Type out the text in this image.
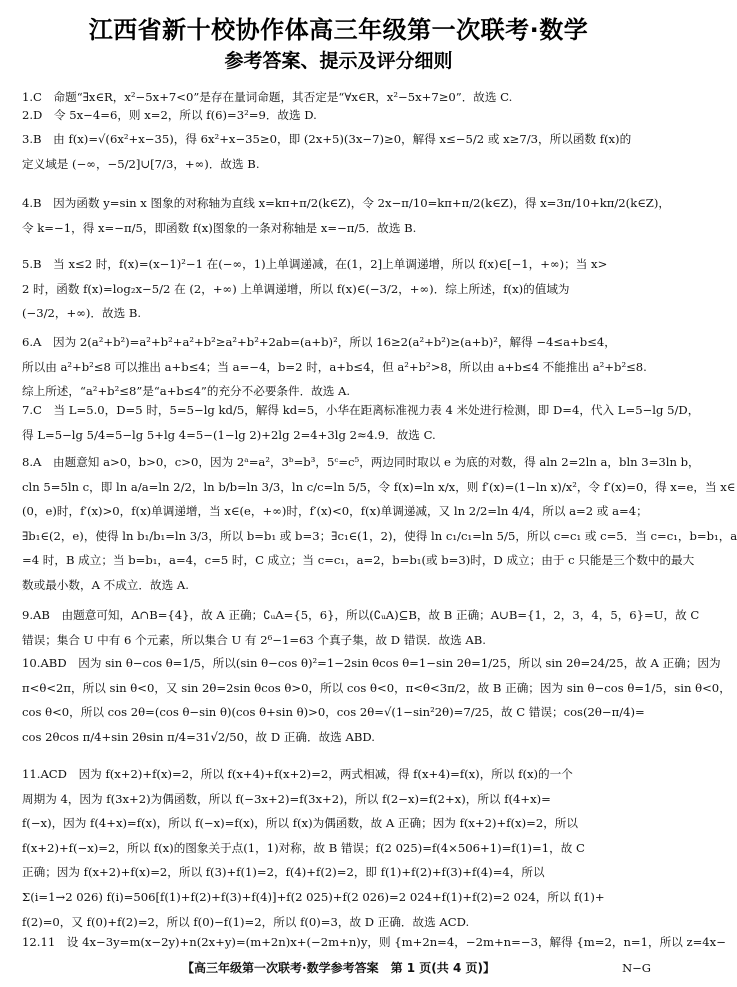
江西省新十校协作体高三年级第一次联考·数学
参考答案、提示及评分细则
1.C　命题“∃x∈R，x²−5x+7<0”是存在量词命题，其否定是“∀x∈R，x²−5x+7≥0”．故选 C.
2.D　令 5x−4=6，则 x=2，所以 f(6)=3²=9．故选 D.
3.B　由 f(x)=√(6x²+x−35)，得 6x²+x−35≥0，即 (2x+5)(3x−7)≥0，解得 x≤−5/2 或 x≥7/3，所以函数 f(x)的
定义域是 (−∞，−5/2]∪[7/3，+∞)．故选 B.
4.B　因为函数 y=sin x 图象的对称轴为直线 x=kπ+π/2(k∈Z)，令 2x−π/10=kπ+π/2(k∈Z)，得 x=3π/10+kπ/2(k∈Z)，
令 k=−1，得 x=−π/5，即函数 f(x)图象的一条对称轴是 x=−π/5．故选 B.
5.B　当 x≤2 时，f(x)=(x−1)²−1 在(−∞，1)上单调递减，在(1，2]上单调递增，所以 f(x)∈[−1，+∞)；当 x>
2 时，函数 f(x)=log₂x−5/2 在 (2，+∞) 上单调递增，所以 f(x)∈(−3/2，+∞)．综上所述，f(x)的值域为
(−3/2，+∞)．故选 B.
6.A　因为 2(a²+b²)=a²+b²+a²+b²≥a²+b²+2ab=(a+b)²，所以 16≥2(a²+b²)≥(a+b)²，解得 −4≤a+b≤4，
所以由 a²+b²≤8 可以推出 a+b≤4；当 a=−4，b=2 时，a+b≤4，但 a²+b²>8，所以由 a+b≤4 不能推出 a²+b²≤8.
综上所述，“a²+b²≤8”是“a+b≤4”的充分不必要条件．故选 A.
7.C　当 L=5.0，D=5 时，5=5−lg kd/5，解得 kd=5，小华在距离标准视力表 4 米处进行检测，即 D=4，代入 L=5−lg 5/D，
得 L=5−lg 5/4=5−lg 5+lg 4=5−(1−lg 2)+2lg 2=4+3lg 2≈4.9．故选 C.
8.A　由题意知 a>0，b>0，c>0，因为 2ᵃ=a²，3ᵇ=b³，5ᶜ=c⁵，两边同时取以 e 为底的对数，得 aln 2=2ln a，bln 3=3ln b，
cln 5=5ln c，即 ln a/a=ln 2/2，ln b/b=ln 3/3，ln c/c=ln 5/5，令 f(x)=ln x/x，则 f′(x)=(1−ln x)/x²，令 f′(x)=0，得 x=e，当 x∈
(0，e)时，f′(x)>0，f(x)单调递增，当 x∈(e，+∞)时，f′(x)<0，f(x)单调递减，又 ln 2/2=ln 4/4，所以 a=2 或 a=4；
∃b₁∈(2，e)，使得 ln b₁/b₁=ln 3/3，所以 b=b₁ 或 b=3；∃c₁∈(1，2)，使得 ln c₁/c₁=ln 5/5，所以 c=c₁ 或 c=5．当 c=c₁，b=b₁，a
=4 时，B 成立；当 b=b₁，a=4，c=5 时，C 成立；当 c=c₁，a=2，b=b₁(或 b=3)时，D 成立；由于 c 只能是三个数中的最大
数或最小数，A 不成立．故选 A.
9.AB　由题意可知，A∩B={4}，故 A 正确；∁ᵤA={5，6}，所以(∁ᵤA)⊆B，故 B 正确；A∪B={1，2，3，4，5，6}=U，故 C
错误；集合 U 中有 6 个元素，所以集合 U 有 2⁶−1=63 个真子集，故 D 错误．故选 AB.
10.ABD　因为 sin θ−cos θ=1/5，所以(sin θ−cos θ)²=1−2sin θcos θ=1−sin 2θ=1/25，所以 sin 2θ=24/25，故 A 正确；因为
π<θ<2π，所以 sin θ<0，又 sin 2θ=2sin θcos θ>0，所以 cos θ<0，π<θ<3π/2，故 B 正确；因为 sin θ−cos θ=1/5，sin θ<0，
cos θ<0，所以 cos 2θ=(cos θ−sin θ)(cos θ+sin θ)>0，cos 2θ=√(1−sin²2θ)=7/25，故 C 错误；cos(2θ−π/4)=
cos 2θcos π/4+sin 2θsin π/4=31√2/50，故 D 正确．故选 ABD.
11.ACD　因为 f(x+2)+f(x)=2，所以 f(x+4)+f(x+2)=2，两式相减，得 f(x+4)=f(x)，所以 f(x)的一个
周期为 4，因为 f(3x+2)为偶函数，所以 f(−3x+2)=f(3x+2)，所以 f(2−x)=f(2+x)，所以 f(4+x)=
f(−x)，因为 f(4+x)=f(x)，所以 f(−x)=f(x)，所以 f(x)为偶函数，故 A 正确；因为 f(x+2)+f(x)=2，所以
f(x+2)+f(−x)=2，所以 f(x)的图象关于点(1，1)对称，故 B 错误；f(2 025)=f(4×506+1)=f(1)=1，故 C
正确；因为 f(x+2)+f(x)=2，所以 f(3)+f(1)=2，f(4)+f(2)=2，即 f(1)+f(2)+f(3)+f(4)=4，所以
Σ(i=1→2 026) f(i)=506[f(1)+f(2)+f(3)+f(4)]+f(2 025)+f(2 026)=2 024+f(1)+f(2)=2 024，所以 f(1)+
f(2)=0，又 f(0)+f(2)=2，所以 f(0)−f(1)=2，所以 f(0)=3，故 D 正确．故选 ACD.
12.11　设 4x−3y=m(x−2y)+n(2x+y)=(m+2n)x+(−2m+n)y，则 {m+2n=4，−2m+n=−3，解得 {m=2，n=1，所以 z=4x−
【高三年级第一次联考·数学参考答案　第 1 页(共 4 页)】	N−G
